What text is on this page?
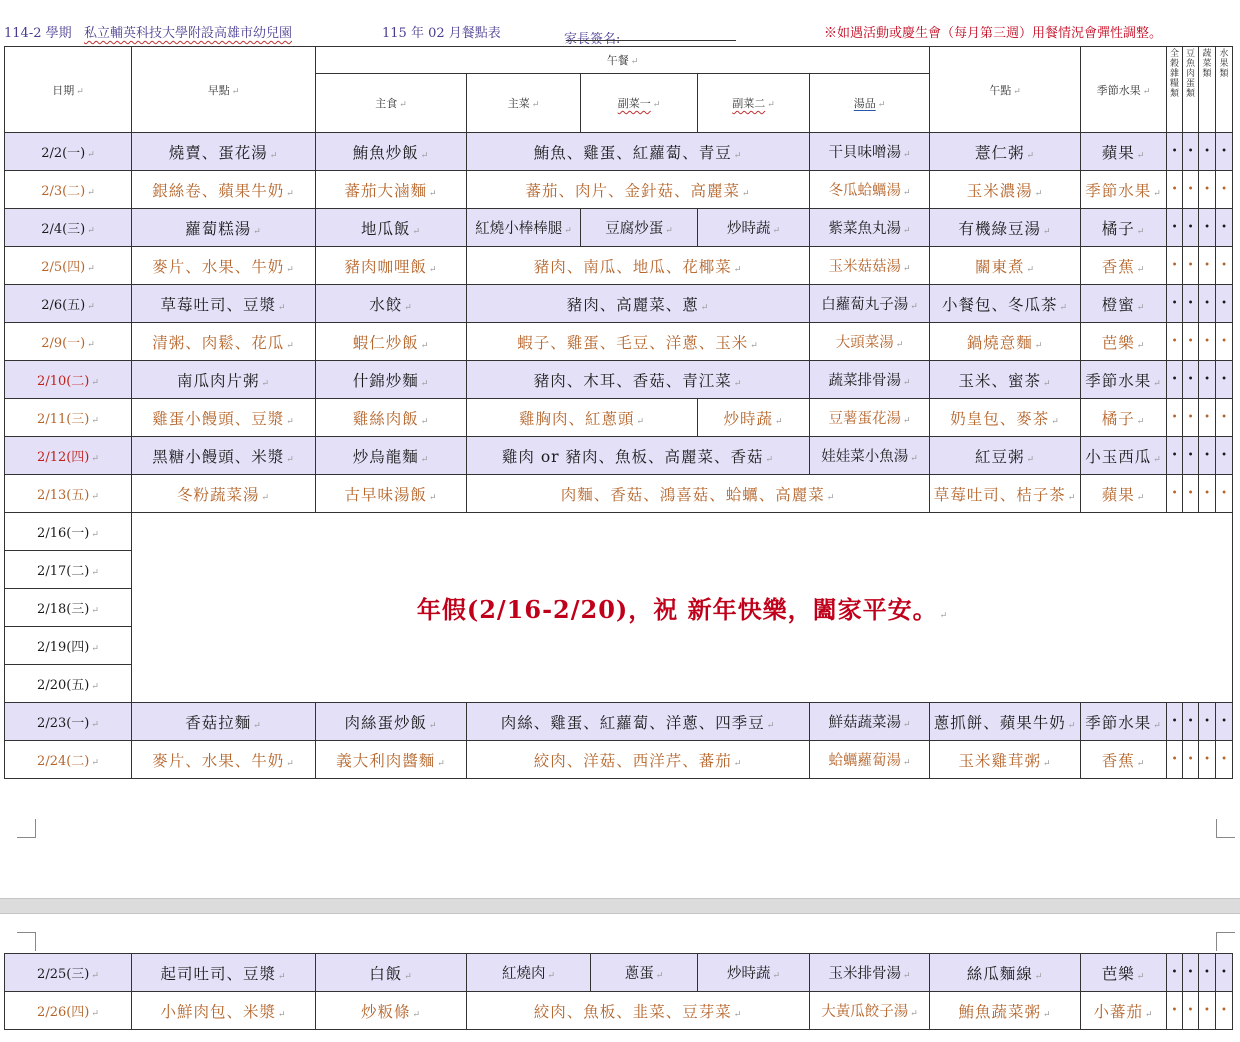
114-2 學期 私立輔英科技大學附設高雄市幼兒園	115 年 02 月餐點表	家長簽名:	※如遇活動或慶生會（每月第三週）用餐情況會彈性調整。
日期 ↵	早點 ↵	午餐 ↵					午點 ↵	季節水果 ↵	全穀雜糧類	豆魚肉蛋類	蔬菜類	水果類
		主食 ↵	主菜 ↵	副菜一 ↵	副菜二 ↵	湯品 ↵						
2/2(一) ↵	燒賣、蛋花湯 ↵	鮪魚炒飯 ↵	鮪魚、雞蛋、紅蘿蔔、青豆 ↵			干貝味噌湯 ↵	薏仁粥 ↵	蘋果 ↵	•	•	•	•
2/3(二) ↵	銀絲卷、蘋果牛奶 ↵	蕃茄大滷麵 ↵	蕃茄、肉片、金針菇、高麗菜 ↵			冬瓜蛤蠣湯 ↵	玉米濃湯 ↵	季節水果 ↵	•	•	•	•
2/4(三) ↵	蘿蔔糕湯 ↵	地瓜飯 ↵	紅燒小棒棒腿 ↵	豆腐炒蛋 ↵	炒時蔬 ↵	紫菜魚丸湯 ↵	有機綠豆湯 ↵	橘子 ↵	•	•	•	•
2/5(四) ↵	麥片、水果、牛奶 ↵	豬肉咖哩飯 ↵	豬肉、南瓜、地瓜、花椰菜 ↵			玉米菇菇湯 ↵	關東煮 ↵	香蕉 ↵	•	•	•	•
2/6(五) ↵	草莓吐司、豆漿 ↵	水餃 ↵	豬肉、高麗菜、蔥 ↵			白蘿蔔丸子湯 ↵	小餐包、冬瓜茶 ↵	橙蜜 ↵	•	•	•	•
2/9(一) ↵	清粥、肉鬆、花瓜 ↵	蝦仁炒飯 ↵	蝦子、雞蛋、毛豆、洋蔥、玉米 ↵			大頭菜湯 ↵	鍋燒意麵 ↵	芭樂 ↵	•	•	•	•
2/10(二) ↵	南瓜肉片粥 ↵	什錦炒麵 ↵	豬肉、木耳、香菇、青江菜 ↵			蔬菜排骨湯 ↵	玉米、蜜茶 ↵	季節水果 ↵	•	•	•	•
2/11(三) ↵	雞蛋小饅頭、豆漿 ↵	雞絲肉飯 ↵	雞胸肉、紅蔥頭 ↵		炒時蔬 ↵	豆薯蛋花湯 ↵	奶皇包、麥茶 ↵	橘子 ↵	•	•	•	•
2/12(四) ↵	黑糖小饅頭、米漿 ↵	炒烏龍麵 ↵	雞肉 or 豬肉、魚板、高麗菜、香菇 ↵			娃娃菜小魚湯 ↵	紅豆粥 ↵	小玉西瓜 ↵	•	•	•	•
2/13(五) ↵	冬粉蔬菜湯 ↵	古早味湯飯 ↵	肉麵、香菇、鴻喜菇、蛤蠣、高麗菜 ↵				草莓吐司、桔子茶 ↵	蘋果 ↵	•	•	•	•
2/16(一) ↵	年假(2/16-2/20)，祝 新年快樂，闔家平安。 ↵											
2/17(二) ↵												
2/18(三) ↵												
2/19(四) ↵												
2/20(五) ↵												
2/23(一) ↵	香菇拉麵 ↵	肉絲蛋炒飯 ↵	肉絲、雞蛋、紅蘿蔔、洋蔥、四季豆 ↵			鮮菇蔬菜湯 ↵	蔥抓餅、蘋果牛奶 ↵	季節水果 ↵	•	•	•	•
2/24(二) ↵	麥片、水果、牛奶 ↵	義大利肉醬麵 ↵	絞肉、洋菇、西洋芹、蕃茄 ↵			蛤蠣蘿蔔湯 ↵	玉米雞茸粥 ↵	香蕉 ↵	•	•	•	•
2/25(三) ↵	起司吐司、豆漿 ↵	白飯 ↵	紅燒肉 ↵	蔥蛋 ↵	炒時蔬 ↵	玉米排骨湯 ↵	絲瓜麵線 ↵	芭樂 ↵	•	•	•	•
2/26(四) ↵	小鮮肉包、米漿 ↵	炒粄條 ↵	絞肉、魚板、韭菜、豆芽菜 ↵			大黃瓜餃子湯 ↵	鮪魚蔬菜粥 ↵	小蕃茄 ↵	•	•	•	•
